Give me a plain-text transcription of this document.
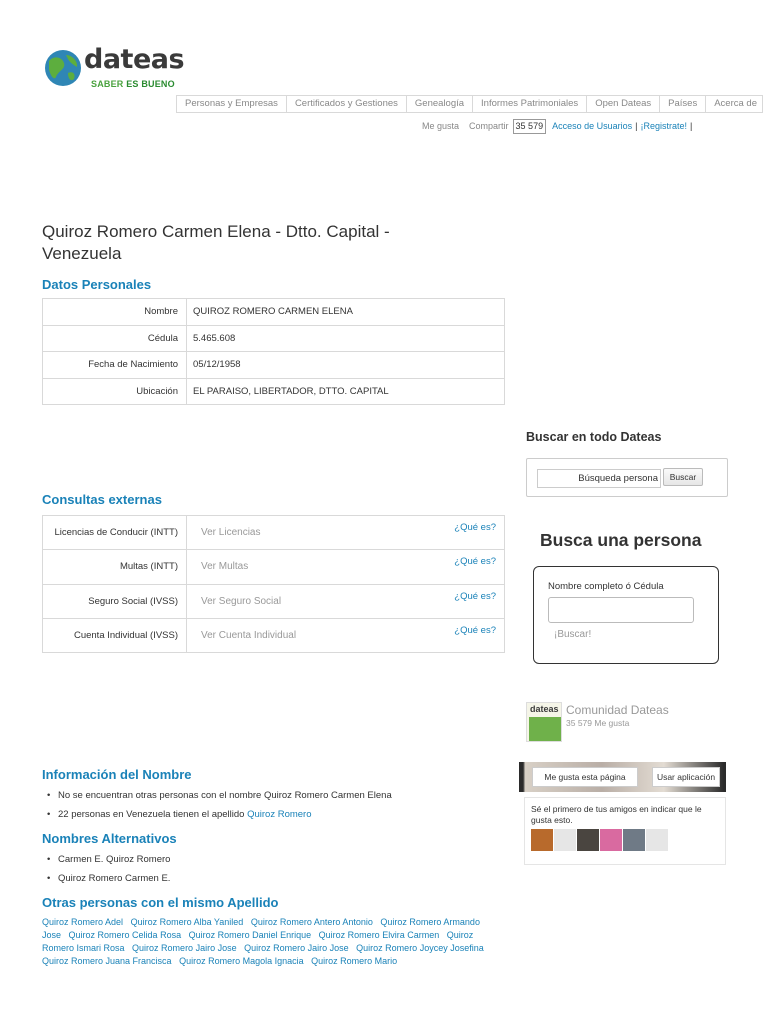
dateas
SABER ES BUENO
Personas y Empresas	Certificados y Gestiones	Genealogía	Informes Patrimoniales	Open Dateas	Países	Acerca de
Me gusta Compartir 35 579	Acceso de Usuarios | ¡Registrate! |
Quiroz Romero Carmen Elena - Dtto. Capital - Venezuela
Datos Personales
Nombre	QUIROZ ROMERO CARMEN ELENA
Cédula	5.465.608
Fecha de Nacimiento	05/12/1958
Ubicación	EL PARAISO, LIBERTADOR, DTTO. CAPITAL
Consultas externas
Licencias de Conducir (INTT)	Ver Licencias ¿Qué es?

Multas (INTT)	Ver Multas ¿Qué es?

Seguro Social (IVSS)	Ver Seguro Social ¿Qué es?

Cuenta Individual (IVSS)	Ver Cuenta Individual ¿Qué es?
Buscar en todo Dateas
Búsqueda persona
Buscar
Busca una persona
Nombre completo ó Cédula
¡Buscar!
dateas Comunidad Dateas
35 579 Me gusta
Me gusta esta página	Usar aplicación
Sé el primero de tus amigos en indicar que le gusta esto.
Información del Nombre
• No se encuentran otras personas con el nombre Quiroz Romero Carmen Elena
• 22 personas en Venezuela tienen el apellido Quiroz Romero
Nombres Alternativos
• Carmen E. Quiroz Romero
• Quiroz Romero Carmen E.
Otras personas con el mismo Apellido
Quiroz Romero Adel Quiroz Romero Alba Yaniled Quiroz Romero Antero Antonio Quiroz Romero Armando Jose Quiroz Romero Celida Rosa Quiroz Romero Daniel Enrique Quiroz Romero Elvira Carmen Quiroz Romero Ismari Rosa Quiroz Romero Jairo Jose Quiroz Romero Jairo Jose Quiroz Romero Joycey Josefina Quiroz Romero Juana Francisca Quiroz Romero Magola Ignacia Quiroz Romero Mario
